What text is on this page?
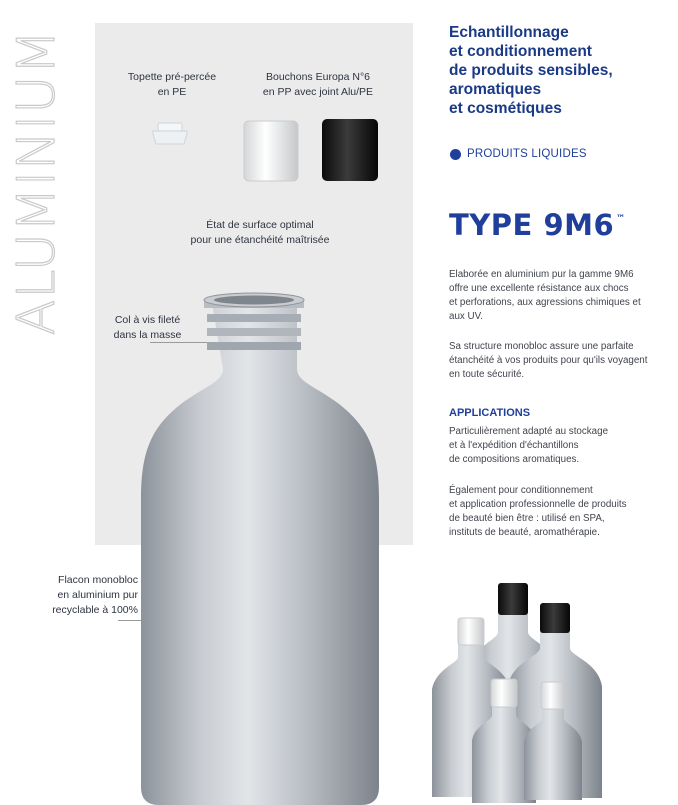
ALUMINIUM	Topette pré-percée
en PE
Bouchons Europa N°6
en PP avec joint Alu/PE
État de surface optimal
pour une étanchéité maîtrisée
Col à vis fileté
dans la masse
Flacon monobloc
en aluminium pur
recyclable à 100%
Echantillonnage
et conditionnement
de produits sensibles,
aromatiques
et cosmétiques
PRODUITS LIQUIDES
TYPE 9M6 ™
Elaborée en aluminium pur la gamme 9M6
offre une excellente résistance aux chocs
et perforations, aux agressions chimiques et
aux UV.
Sa structure monobloc assure une parfaite
étanchéité à vos produits pour qu'ils voyagent
en toute sécurité.
APPLICATIONS
Particulièrement adapté au stockage
et à l'expédition d'échantillons
de compositions aromatiques.
Également pour conditionnement
et application professionnelle de produits
de beauté bien être : utilisé en SPA,
instituts de beauté, aromathérapie.
